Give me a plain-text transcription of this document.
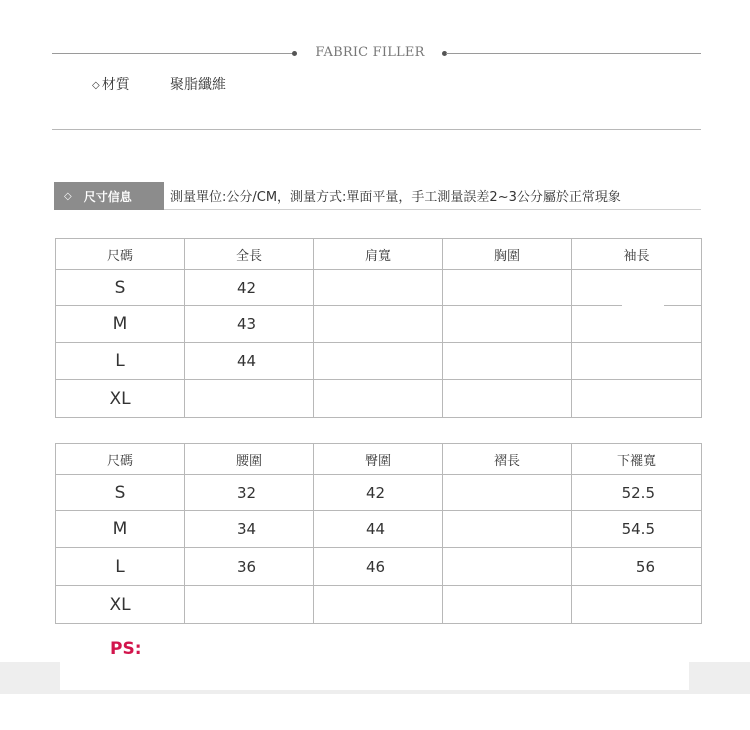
FABRIC FILLER
◇ 材質	聚脂纖維
◇ 尺寸信息	測量單位:公分/CM，測量方式:單面平量，手工測量誤差2~3公分屬於正常現象
尺碼	全長	肩寬	胸圍	袖長
S	42			
M	43			
L	44			
XL				
尺碼	腰圍	臀圍	褶長	下襬寬
S	32	42		52.5
M	34	44		54.5
L	36	46		56
XL				
PS:
